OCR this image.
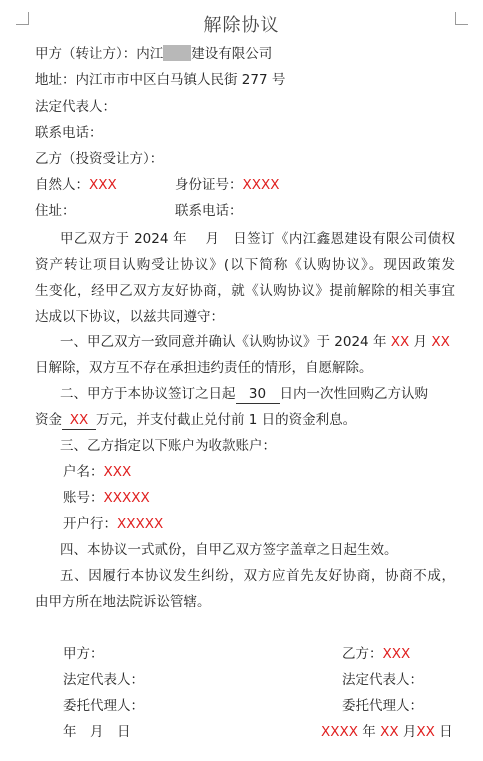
解除协议
甲方（转让方）：内江 建设有限公司
地址：内江市市中区白马镇人民街 277 号
法定代表人：
联系电话：
乙方（投资受让方）：
自然人：XXX	身份证号：XXXX
住址：	联系电话：
甲乙双方于 2024 年　 月　日签订《内江鑫恩建设有限公司债权
资产转让项目认购受让协议》(以下简称《认购协议》。现因政策发
生变化，经甲乙双方友好协商，就《认购协议》提前解除的相关事宜
达成以下协议，以兹共同遵守：
一、甲乙双方一致同意并确认《认购协议》于 2024 年 XX 月 XX
日解除，双方互不存在承担违约责任的情形，自愿解除。
二、甲方于本协议签订之日起 30 日内一次性回购乙方认购
资金 XX 万元，并支付截止兑付前 1 日的资金利息。
三、乙方指定以下账户为收款账户：
户名：XXX
账号：XXXXX
开户行：XXXXX
四、本协议一式贰份，自甲乙双方签字盖章之日起生效。
五、因履行本协议发生纠纷，双方应首先友好协商，协商不成，
由甲方所在地法院诉讼管辖。
甲方：	乙方：XXX
法定代表人：	法定代表人：
委托代理人：	委托代理人：
年　月　日	XXXX 年 XX 月XX 日
